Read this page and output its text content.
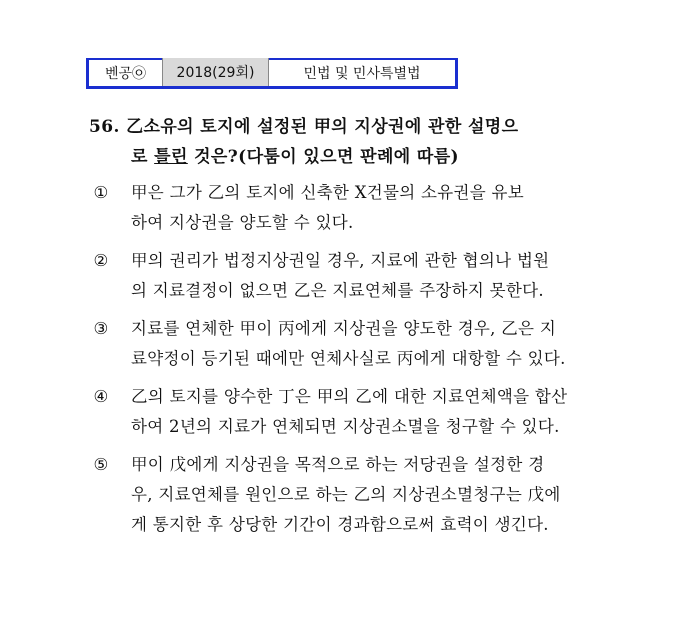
벤공㉧	2018(29회)	민법 및 민사특별법
56. 乙소유의 토지에 설정된 甲의 지상권에 관한 설명으
로 틀린 것은?(다툼이 있으면 판례에 따름)
① 甲은 그가 乙의 토지에 신축한 X건물의 소유권을 유보
하여 지상권을 양도할 수 있다.
② 甲의 권리가 법정지상권일 경우, 지료에 관한 협의나 법원
의 지료결정이 없으면 乙은 지료연체를 주장하지 못한다.
③ 지료를 연체한 甲이 丙에게 지상권을 양도한 경우, 乙은 지
료약정이 등기된 때에만 연체사실로 丙에게 대항할 수 있다.
④ 乙의 토지를 양수한 丁은 甲의 乙에 대한 지료연체액을 합산
하여 2년의 지료가 연체되면 지상권소멸을 청구할 수 있다.
⑤ 甲이 戊에게 지상권을 목적으로 하는 저당권을 설정한 경
우, 지료연체를 원인으로 하는 乙의 지상권소멸청구는 戊에
게 통지한 후 상당한 기간이 경과함으로써 효력이 생긴다.
